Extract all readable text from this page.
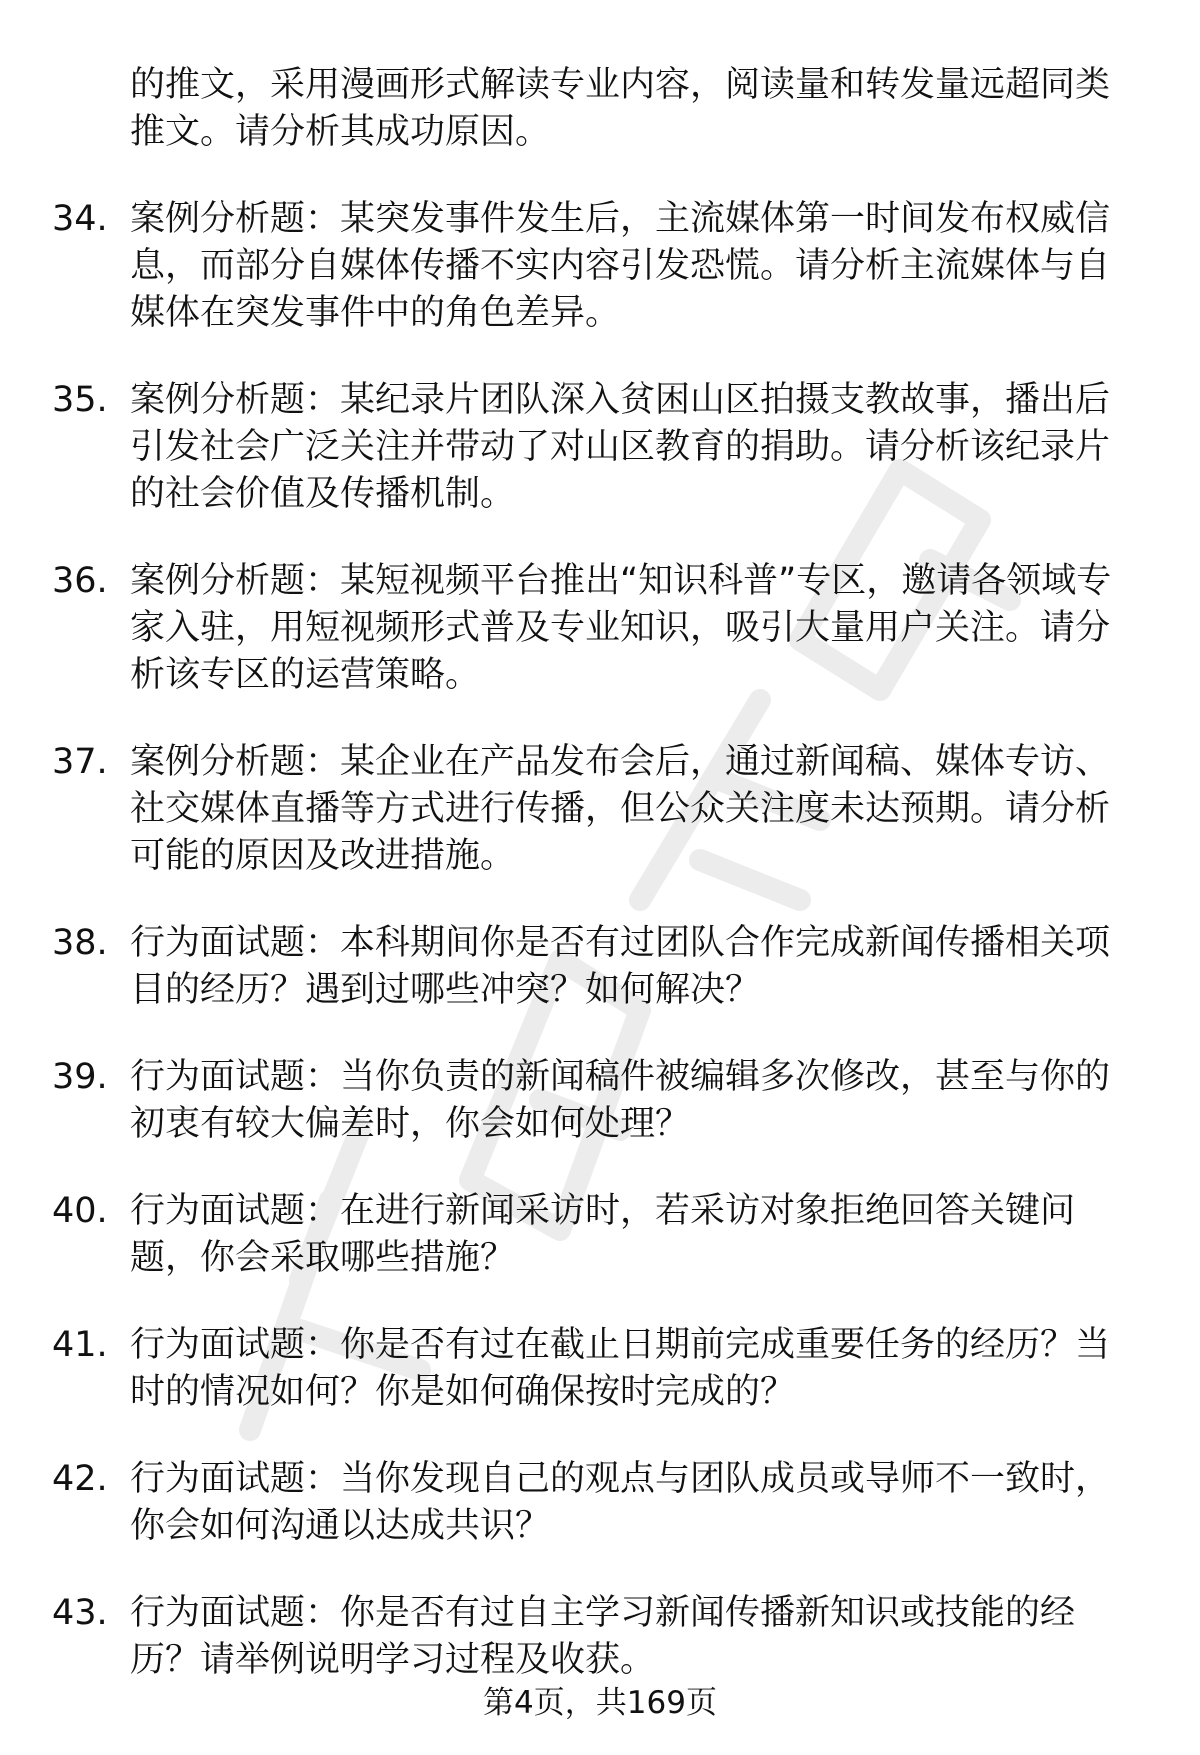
的推文，采用漫画形式解读专业内容，阅读量和转发量远超同类推文。请分析其成功原因。
34. 案例分析题：某突发事件发生后，主流媒体第一时间发布权威信息，而部分自媒体传播不实内容引发恐慌。请分析主流媒体与自媒体在突发事件中的角色差异。
35. 案例分析题：某纪录片团队深入贫困山区拍摄支教故事，播出后引发社会广泛关注并带动了对山区教育的捐助。请分析该纪录片的社会价值及传播机制。
36. 案例分析题：某短视频平台推出“知识科普”专区，邀请各领域专家入驻，用短视频形式普及专业知识，吸引大量用户关注。请分析该专区的运营策略。
37. 案例分析题：某企业在产品发布会后，通过新闻稿、媒体专访、社交媒体直播等方式进行传播，但公众关注度未达预期。请分析可能的原因及改进措施。
38. 行为面试题：本科期间你是否有过团队合作完成新闻传播相关项目的经历？遇到过哪些冲突？如何解决？
39. 行为面试题：当你负责的新闻稿件被编辑多次修改，甚至与你的初衷有较大偏差时，你会如何处理？
40. 行为面试题：在进行新闻采访时，若采访对象拒绝回答关键问题，你会采取哪些措施？
41. 行为面试题：你是否有过在截止日期前完成重要任务的经历？当时的情况如何？你是如何确保按时完成的？
42. 行为面试题：当你发现自己的观点与团队成员或导师不一致时，你会如何沟通以达成共识？
43. 行为面试题：你是否有过自主学习新闻传播新知识或技能的经历？请举例说明学习过程及收获。
第4页，共169页
